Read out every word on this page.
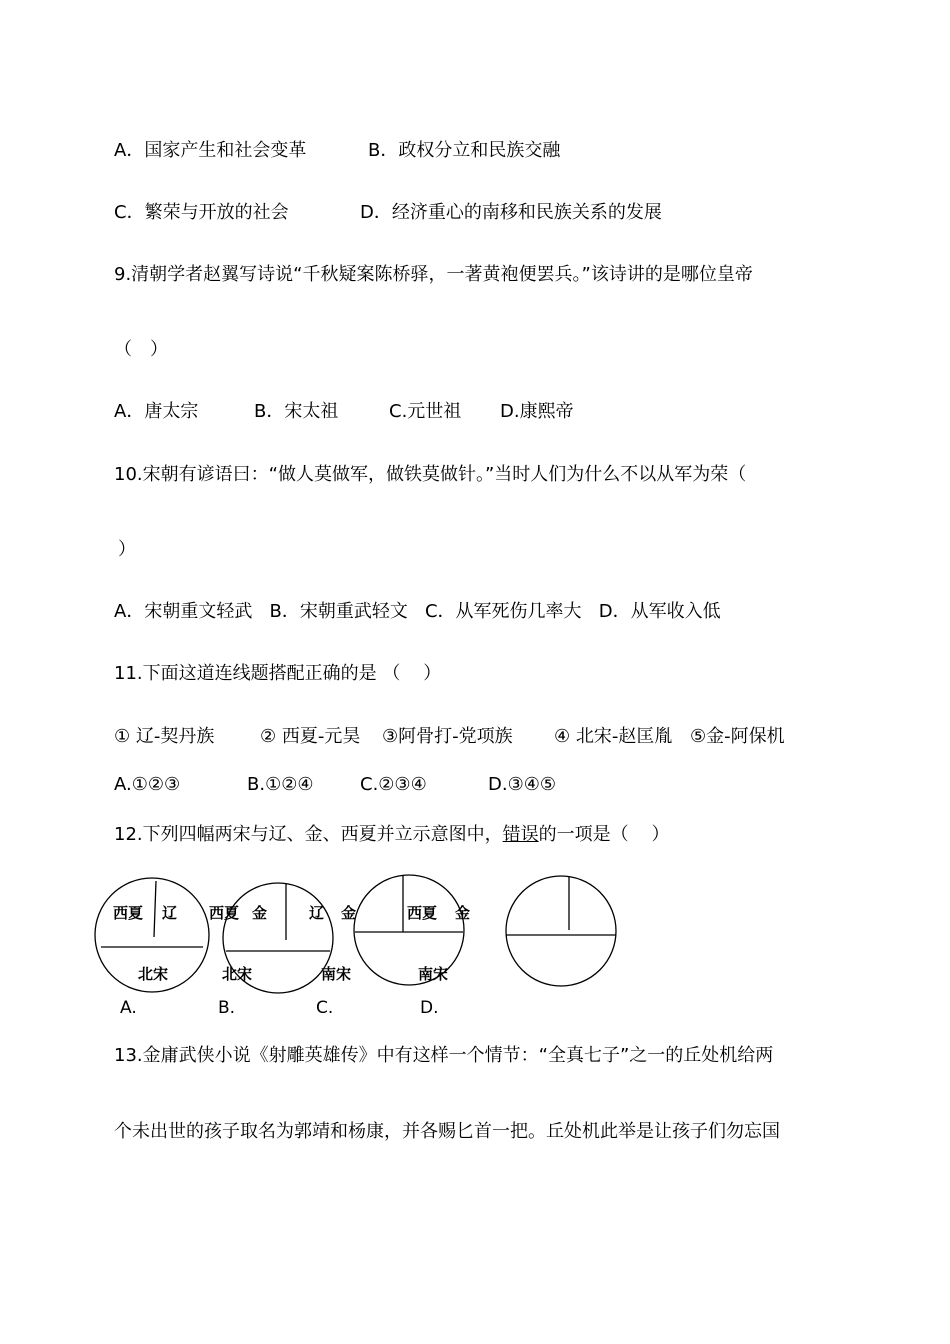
A．国家产生和社会变革	B．政权分立和民族交融
C．繁荣与开放的社会	D．经济重心的南移和民族关系的发展
9.清朝学者赵翼写诗说“千秋疑案陈桥驿，一著黄袍便罢兵。”该诗讲的是哪位皇帝
（　）
A．唐太宗	B．宋太祖	C.元世祖 D.康熙帝
10.宋朝有谚语曰：“做人莫做军，做铁莫做针。”当时人们为什么不以从军为荣（
）
A．宋朝重文轻武   B．宋朝重武轻文   C．从军死伤几率大   D．从军收入低
11.下面这道连线题搭配正确的是 （    ）
① 辽-契丹族	② 西夏-元昊 ③阿骨打-党项族 ④ 北宋-赵匡胤 ⑤金-阿保机
A.①②③	B.①②④	C.②③④	D.③④⑤
12.下列四幅两宋与辽、金、西夏并立示意图中，错误的一项是（    ）
西夏 辽
北宋
A.
西夏 金
北宋
B.
辽 金
南宋
C.
西夏 金
南宋
D.
13.金庸武侠小说《射雕英雄传》中有这样一个情节：“全真七子”之一的丘处机给两
个未出世的孩子取名为郭靖和杨康，并各赐匕首一把。丘处机此举是让孩子们勿忘国
